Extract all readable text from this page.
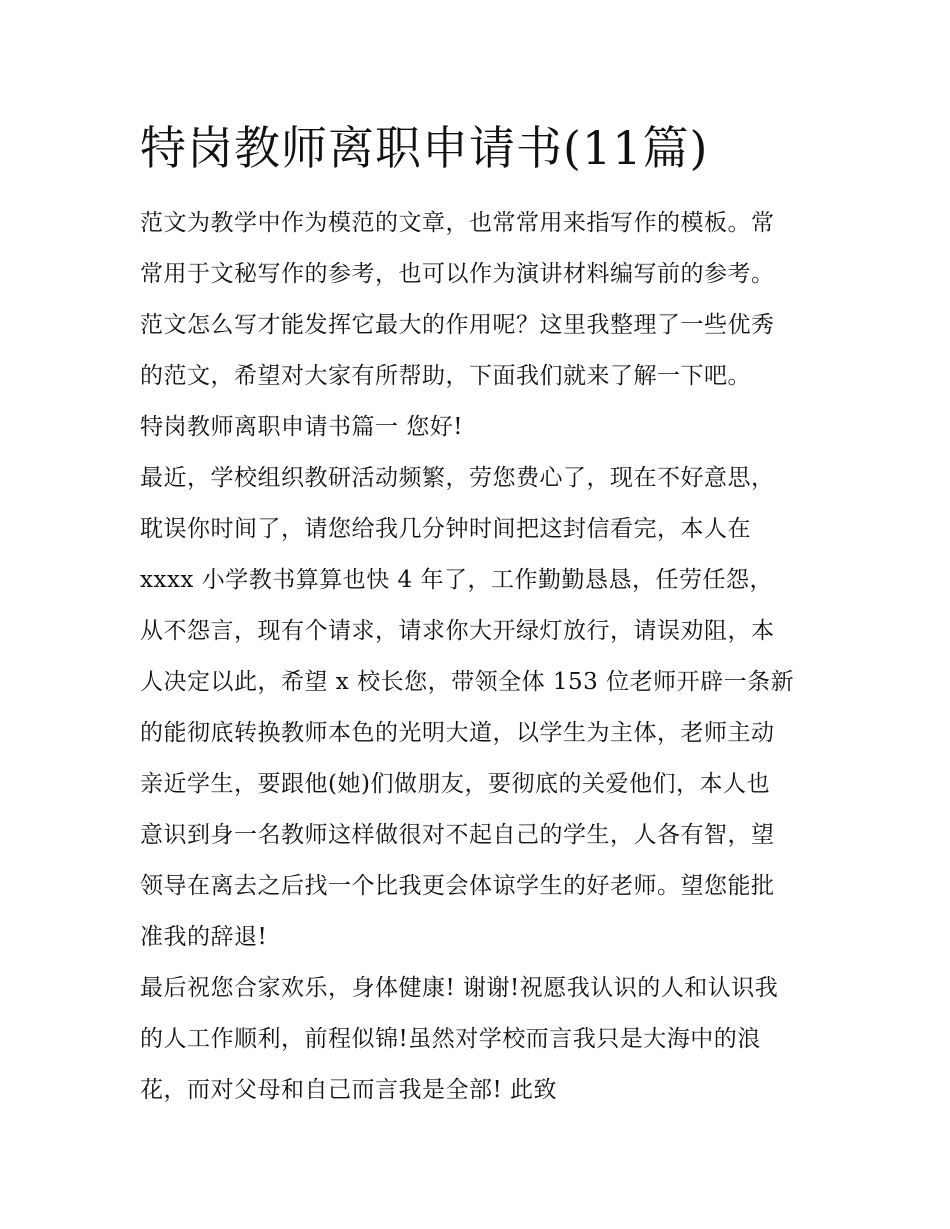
特岗教师离职申请书(11篇)
范文为教学中作为模范的文章，也常常用来指写作的模板。常
常用于文秘写作的参考，也可以作为演讲材料编写前的参考。
范文怎么写才能发挥它最大的作用呢？这里我整理了一些优秀
的范文，希望对大家有所帮助，下面我们就来了解一下吧。
特岗教师离职申请书篇一 您好!
最近，学校组织教研活动频繁，劳您费心了，现在不好意思，
耽误你时间了，请您给我几分钟时间把这封信看完，本人在
xxxx 小学教书算算也快 4 年了，工作勤勤恳恳，任劳任怨，
从不怨言，现有个请求，请求你大开绿灯放行，请误劝阻，本
人决定以此，希望 x 校长您，带领全体 153 位老师开辟一条新
的能彻底转换教师本色的光明大道，以学生为主体，老师主动
亲近学生，要跟他(她)们做朋友，要彻底的关爱他们，本人也
意识到身一名教师这样做很对不起自己的学生，人各有智，望
领导在离去之后找一个比我更会体谅学生的好老师。望您能批
准我的辞退!
最后祝您合家欢乐，身体健康! 谢谢!祝愿我认识的人和认识我
的人工作顺利，前程似锦!虽然对学校而言我只是大海中的浪
花，而对父母和自己而言我是全部! 此致
